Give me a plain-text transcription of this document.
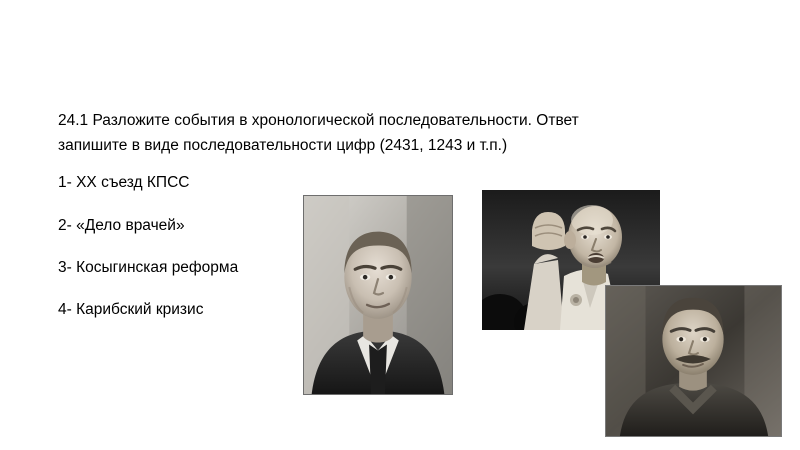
24.1 Разложите события в хронологической последовательности. Ответ
запишите в виде последовательности цифр (2431, 1243 и т.п.)

1- XX съезд КПСС

2- «Дело врачей»

3- Косыгинская реформа

4- Карибский кризис
